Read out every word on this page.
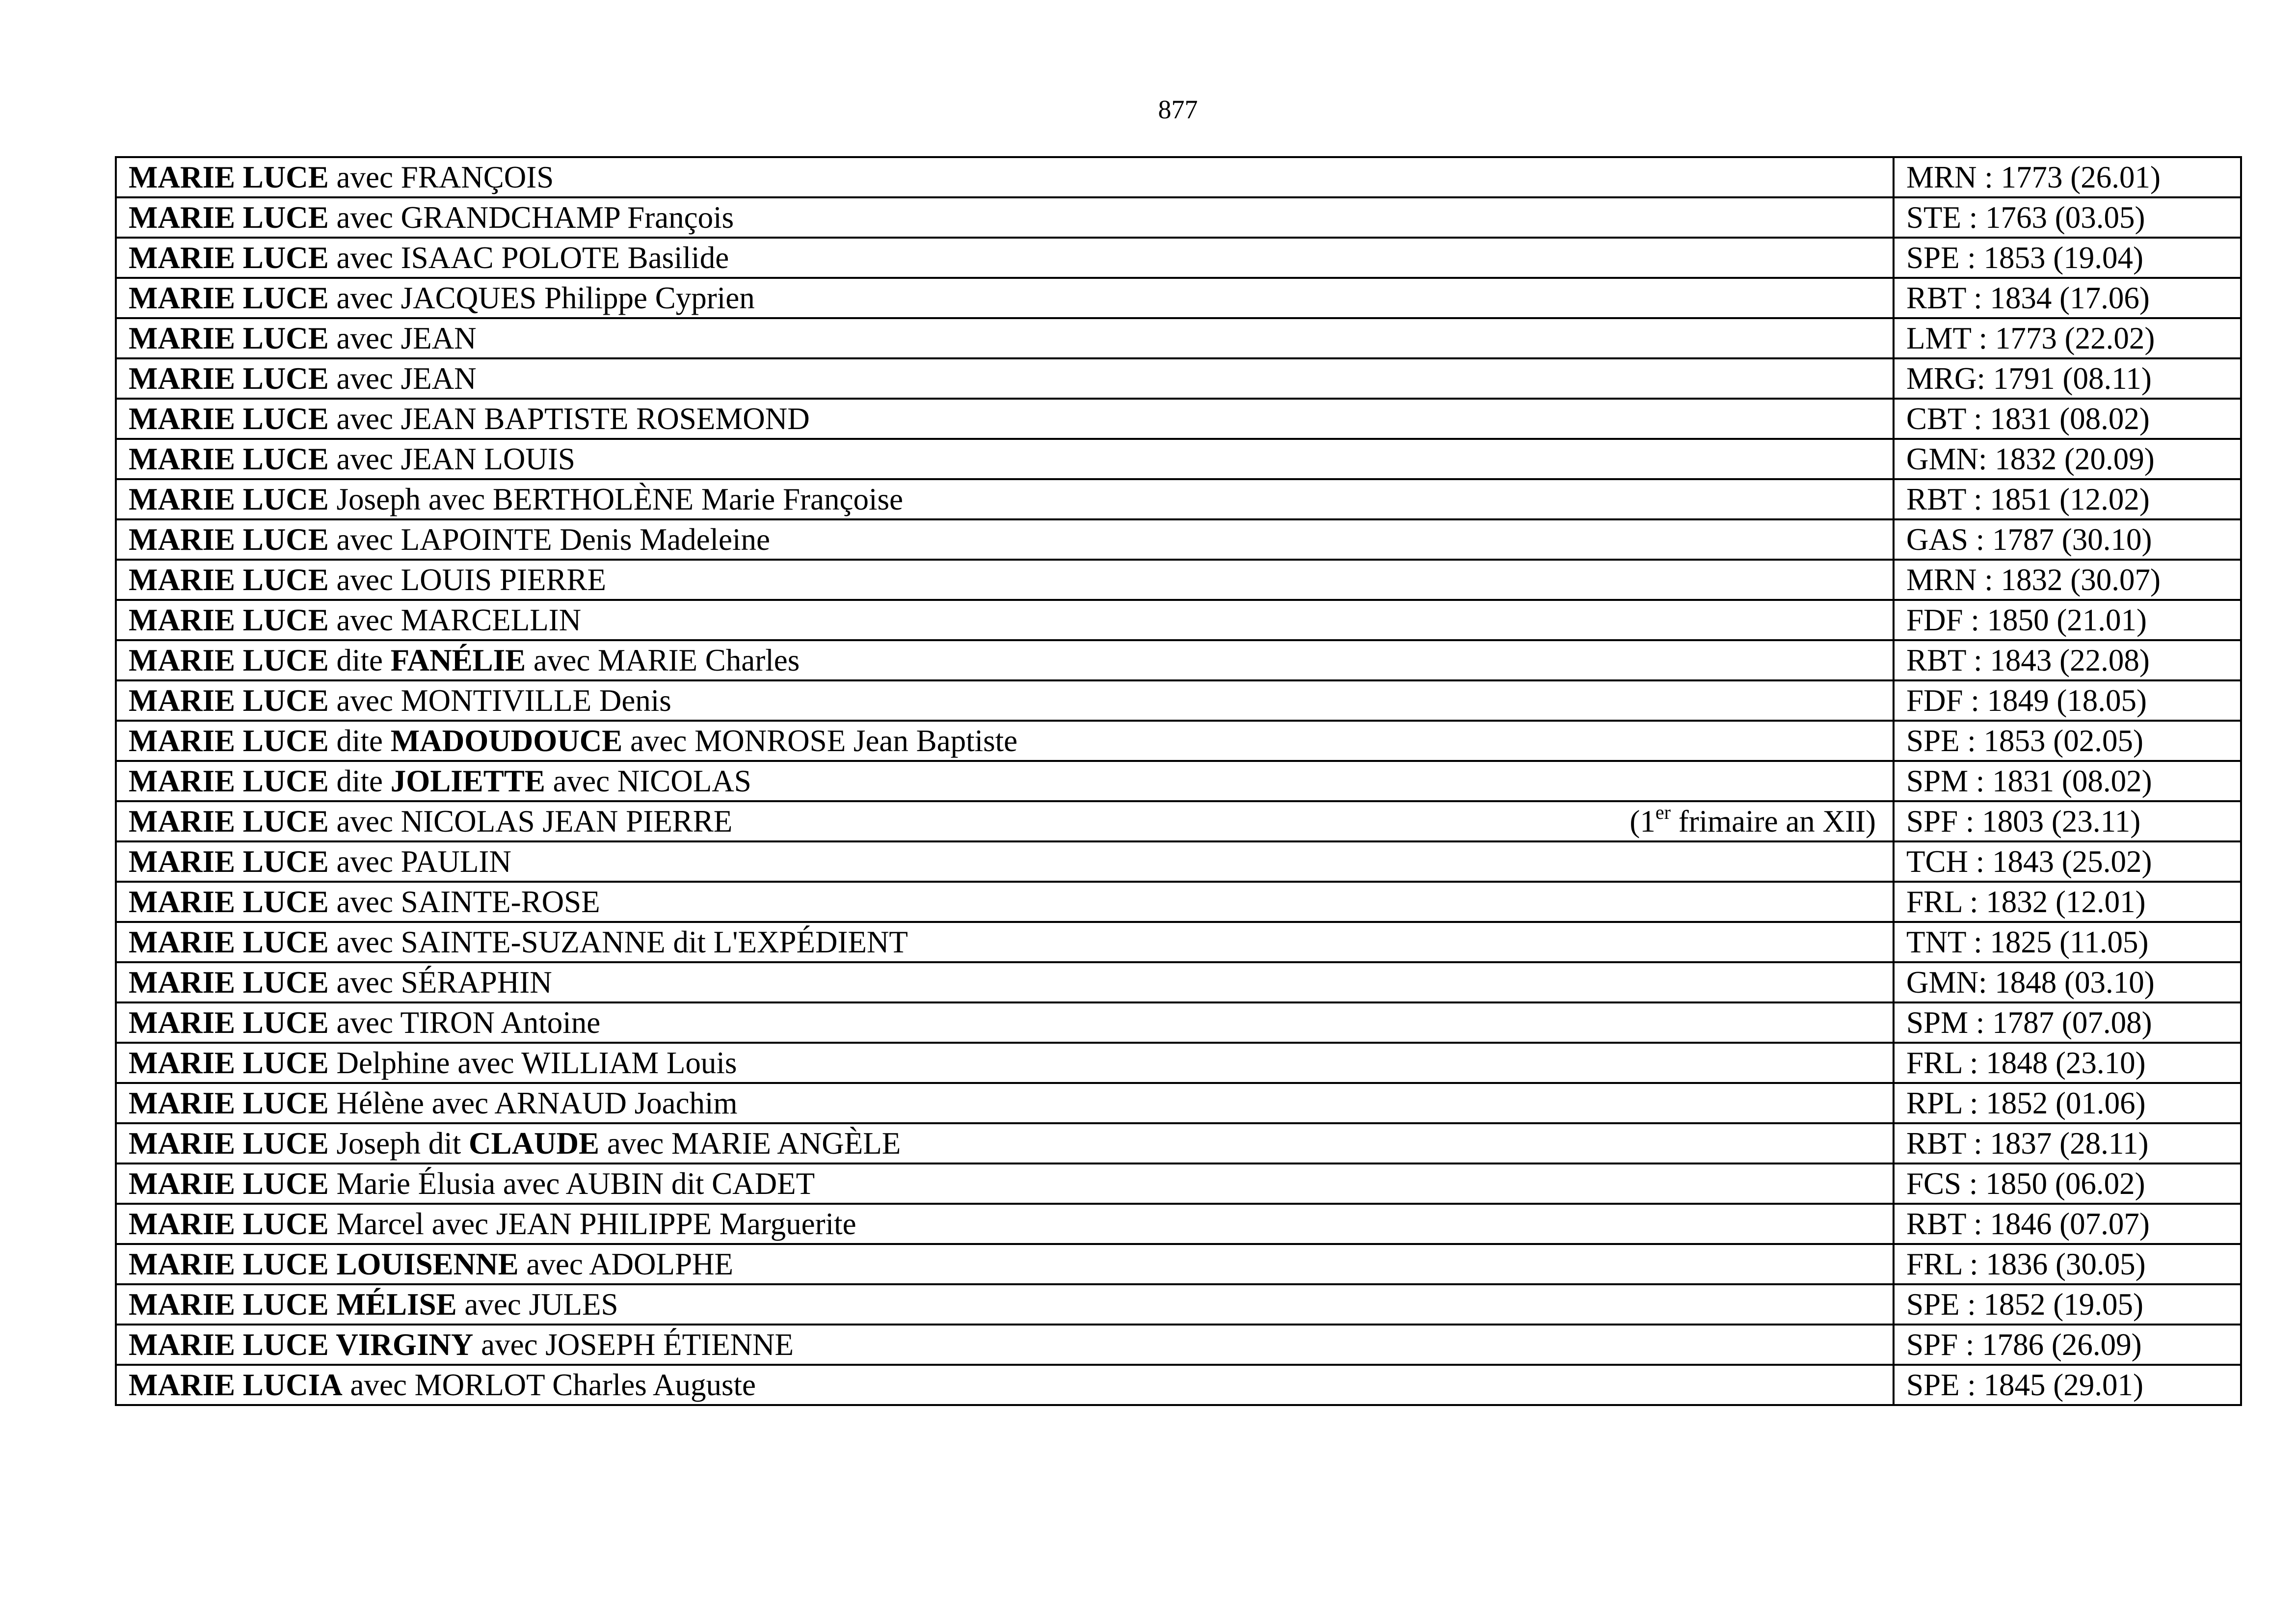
877
MARIE LUCE avec FRANÇOIS	MRN : 1773 (26.01)
MARIE LUCE avec GRANDCHAMP François	STE : 1763 (03.05)
MARIE LUCE avec ISAAC POLOTE Basilide	SPE : 1853 (19.04)
MARIE LUCE avec JACQUES Philippe Cyprien	RBT : 1834 (17.06)
MARIE LUCE avec JEAN	LMT : 1773 (22.02)
MARIE LUCE avec JEAN	MRG: 1791 (08.11)
MARIE LUCE avec JEAN BAPTISTE ROSEMOND	CBT : 1831 (08.02)
MARIE LUCE avec JEAN LOUIS	GMN: 1832 (20.09)
MARIE LUCE Joseph avec BERTHOLÈNE Marie Françoise	RBT : 1851 (12.02)
MARIE LUCE avec LAPOINTE Denis Madeleine	GAS : 1787 (30.10)
MARIE LUCE avec LOUIS PIERRE	MRN : 1832 (30.07)
MARIE LUCE avec MARCELLIN	FDF : 1850 (21.01)
MARIE LUCE dite FANÉLIE avec MARIE Charles	RBT : 1843 (22.08)
MARIE LUCE avec MONTIVILLE Denis	FDF : 1849 (18.05)
MARIE LUCE dite MADOUDOUCE avec MONROSE Jean Baptiste	SPE : 1853 (02.05)
MARIE LUCE dite JOLIETTE avec NICOLAS	SPM : 1831 (08.02)
MARIE LUCE avec NICOLAS JEAN PIERRE (1er frimaire an XII)	SPF : 1803 (23.11)
MARIE LUCE avec PAULIN	TCH : 1843 (25.02)
MARIE LUCE avec SAINTE-ROSE	FRL : 1832 (12.01)
MARIE LUCE avec SAINTE-SUZANNE dit L'EXPÉDIENT	TNT : 1825 (11.05)
MARIE LUCE avec SÉRAPHIN	GMN: 1848 (03.10)
MARIE LUCE avec TIRON Antoine	SPM : 1787 (07.08)
MARIE LUCE Delphine avec WILLIAM Louis	FRL : 1848 (23.10)
MARIE LUCE Hélène avec ARNAUD Joachim	RPL : 1852 (01.06)
MARIE LUCE Joseph dit CLAUDE avec MARIE ANGÈLE	RBT : 1837 (28.11)
MARIE LUCE Marie Élusia avec AUBIN dit CADET	FCS : 1850 (06.02)
MARIE LUCE Marcel avec JEAN PHILIPPE Marguerite	RBT : 1846 (07.07)
MARIE LUCE LOUISENNE avec ADOLPHE	FRL : 1836 (30.05)
MARIE LUCE MÉLISE avec JULES	SPE : 1852 (19.05)
MARIE LUCE VIRGINY avec JOSEPH ÉTIENNE	SPF : 1786 (26.09)
MARIE LUCIA avec MORLOT Charles Auguste	SPE : 1845 (29.01)
